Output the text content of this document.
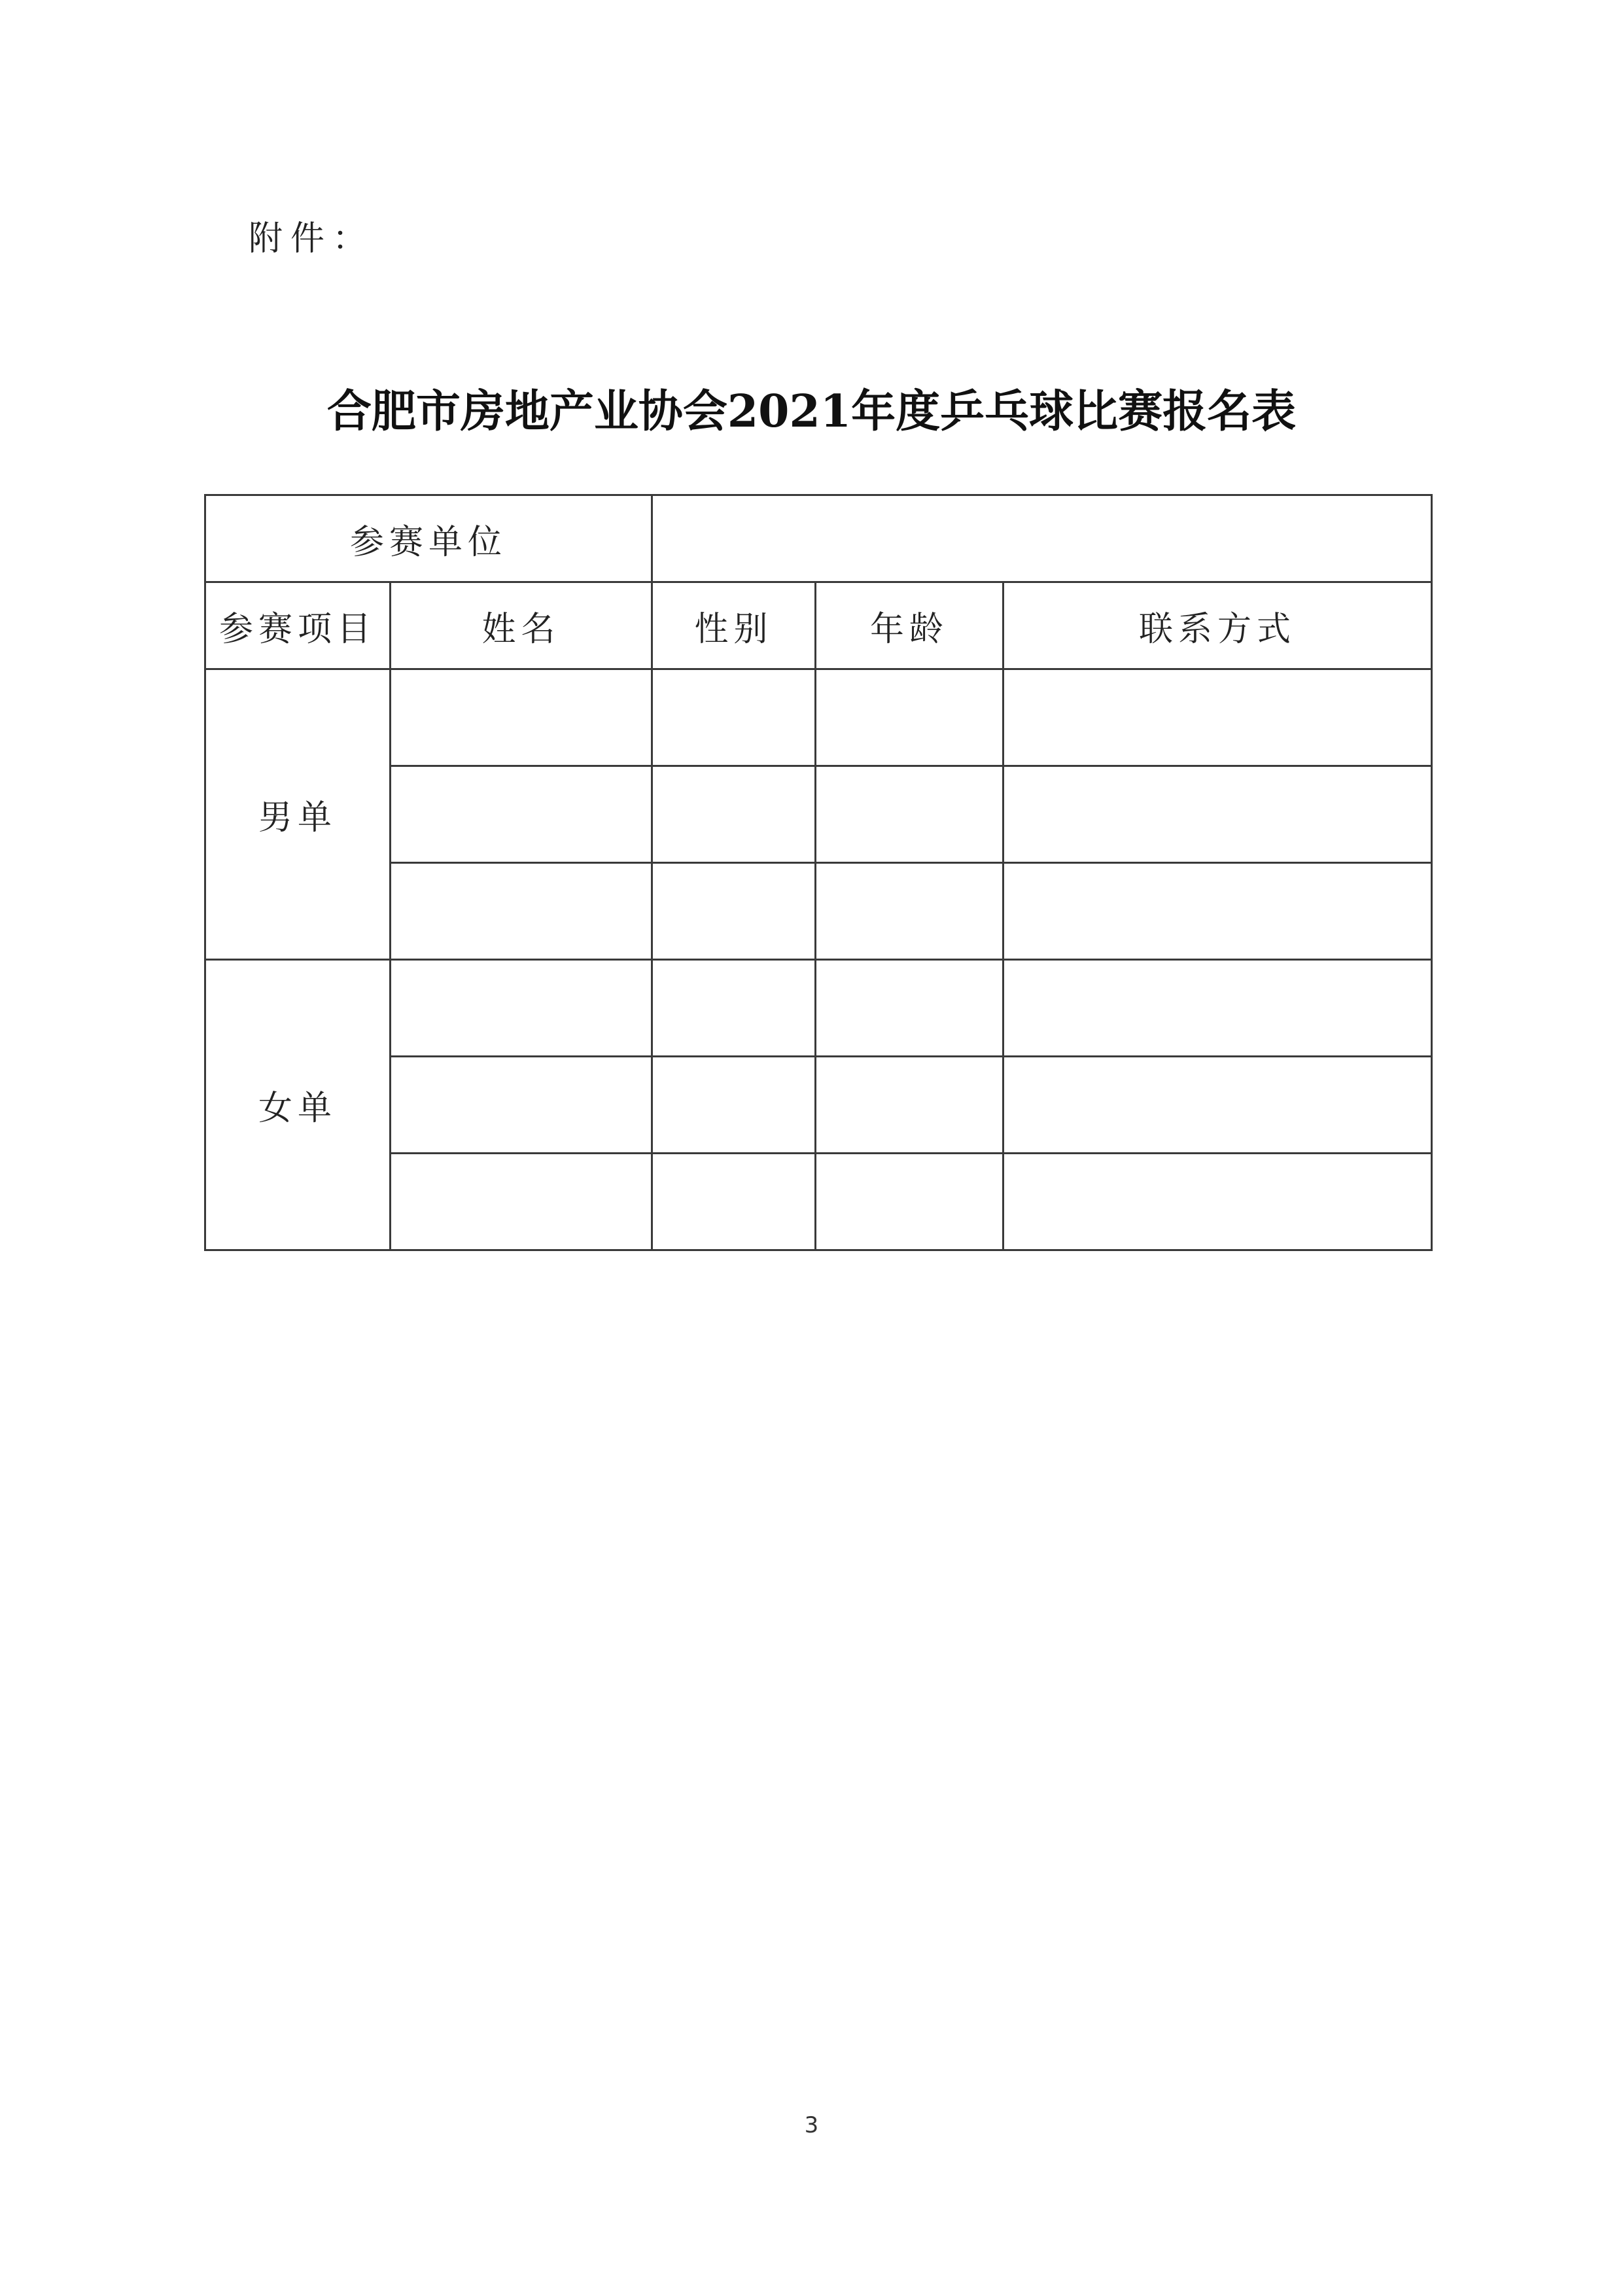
附件：
合肥市房地产业协会2021年度乒乓球比赛报名表
参赛单位				
参赛项目	姓名	性别	年龄	联系方式
男单				

女单				

3
